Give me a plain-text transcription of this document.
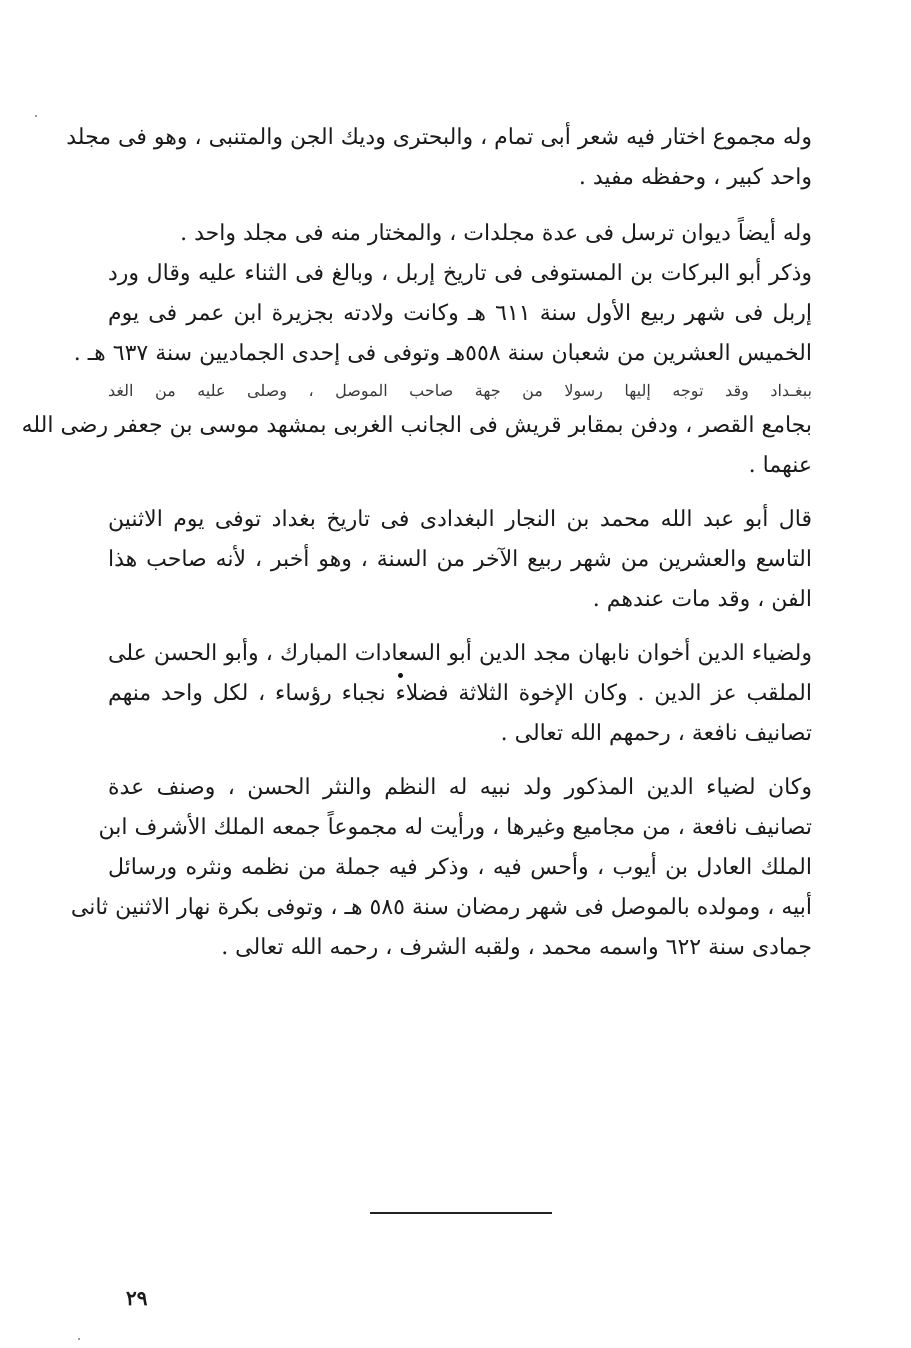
وله مجموع اختار فيه شعر أبى تمام ، والبحترى وديك الجن والمتنبى ، وهو فى مجلد
واحد كبير ، وحفظه مفيد .
وله أيضاً ديوان ترسل فى عدة مجلدات ، والمختار منه فى مجلد واحد .
وذكر أبو البركات بن المستوفى فى تاريخ إربل ، وبالغ فى الثناء عليه وقال ورد
إربل فى شهر ربيع الأول سنة ٦١١ هـ وكانت ولادته بجزيرة ابن عمر فى يوم
الخميس العشرين من شعبان سنة ٥٥٨هـ وتوفى فى إحدى الجماديين سنة ٦٣٧ هـ .
ببغـداد وقد توجه إليها رسولا من جهة صاحب الموصل ، وصلى عليه من الغد
بجامع القصر ، ودفن بمقابر قريش فى الجانب الغربى بمشهد موسى بن جعفر رضى الله
عنهما .
قال أبو عبد الله محمد بن النجار البغدادى فى تاريخ بغداد توفى يوم الاثنين
التاسع والعشرين من شهر ربيع الآخر من السنة ، وهو أخبر ، لأنه صاحب هذا
الفن ، وقد مات عندهم .
ولضياء الدين أخوان نابهان مجد الدين أبو السعادات المبارك ، وأبو الحسن على
الملقب عز الدين . وكان الإخوة الثلاثة فضلاء نجباء رؤساء ، لكل واحد منهم
تصانيف نافعة ، رحمهم الله تعالى .
وكان لضياء الدين المذكور ولد نبيه له النظم والنثر الحسن ، وصنف عدة
تصانيف نافعة ، من مجاميع وغيرها ، ورأيت له مجموعاً جمعه الملك الأشرف ابن
الملك العادل بن أيوب ، وأحس فيه ، وذكر فيه جملة من نظمه ونثره ورسائل
أبيه ، ومولده بالموصل فى شهر رمضان سنة ٥٨٥ هـ ، وتوفى بكرة نهار الاثنين ثانى
جمادى سنة ٦٢٢ واسمه محمد ، ولقبه الشرف ، رحمه الله تعالى .
٢٩
